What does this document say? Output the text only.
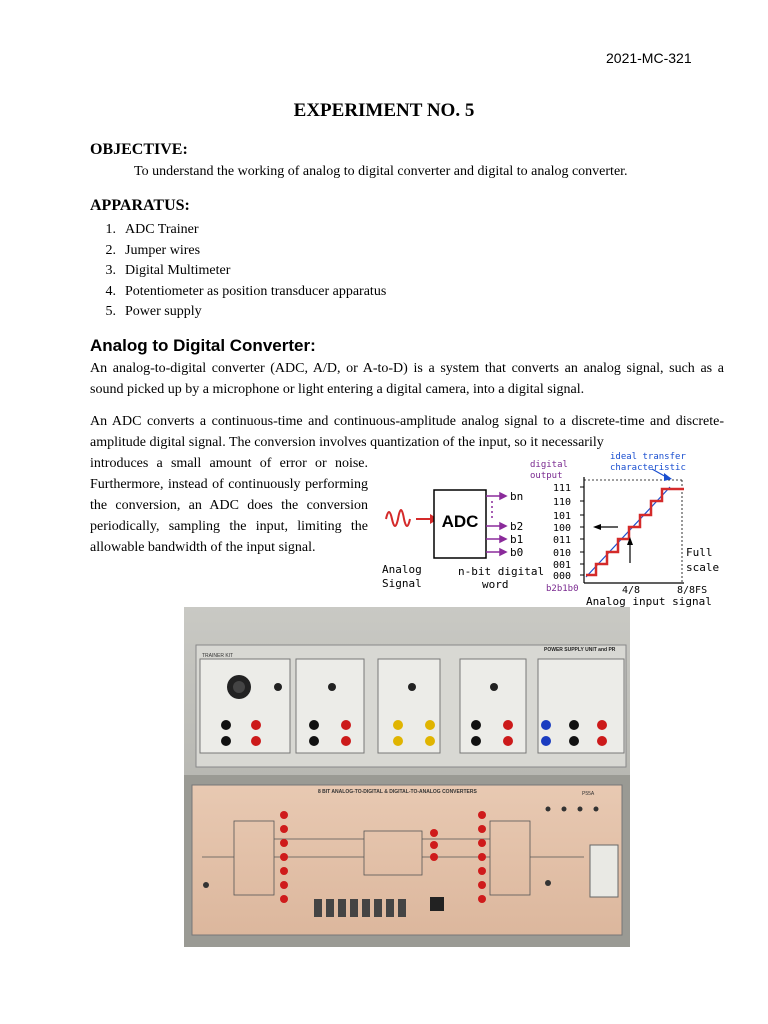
2021-MC-321
EXPERIMENT NO. 5
OBJECTIVE:
To understand the working of analog to digital converter and digital to analog converter.
APPARATUS:
1. ADC Trainer
2. Jumper wires
3. Digital Multimeter
4. Potentiometer as position transducer apparatus
5. Power supply
Analog to Digital Converter:
An analog-to-digital converter (ADC, A/D, or A-to-D) is a system that converts an analog signal, such as a sound picked up by a microphone or light entering a digital camera, into a digital signal.
An ADC converts a continuous-time and continuous-amplitude analog signal to a discrete-time and discrete-amplitude digital signal. The conversion involves quantization of the input, so it necessarily
introduces a small amount of error or noise. Furthermore, instead of continuously performing the conversion, an ADC does the conversion periodically, sampling the input, limiting the allowable bandwidth of the input signal.
ADC
bn
b2
b1
b0
Analog
Signal
n-bit digital
word
digital
output
ideal transfer
characteristic
111
110
101
100
011
010
001
000
b2b1b0	4/8	8/8FS
Full
scale
Analog input signal
TRAINER KIT
POWER SUPPLY UNIT and PR
8 BIT ANALOG-TO-DIGITAL & DIGITAL-TO-ANALOG CONVERTERS	P55A
